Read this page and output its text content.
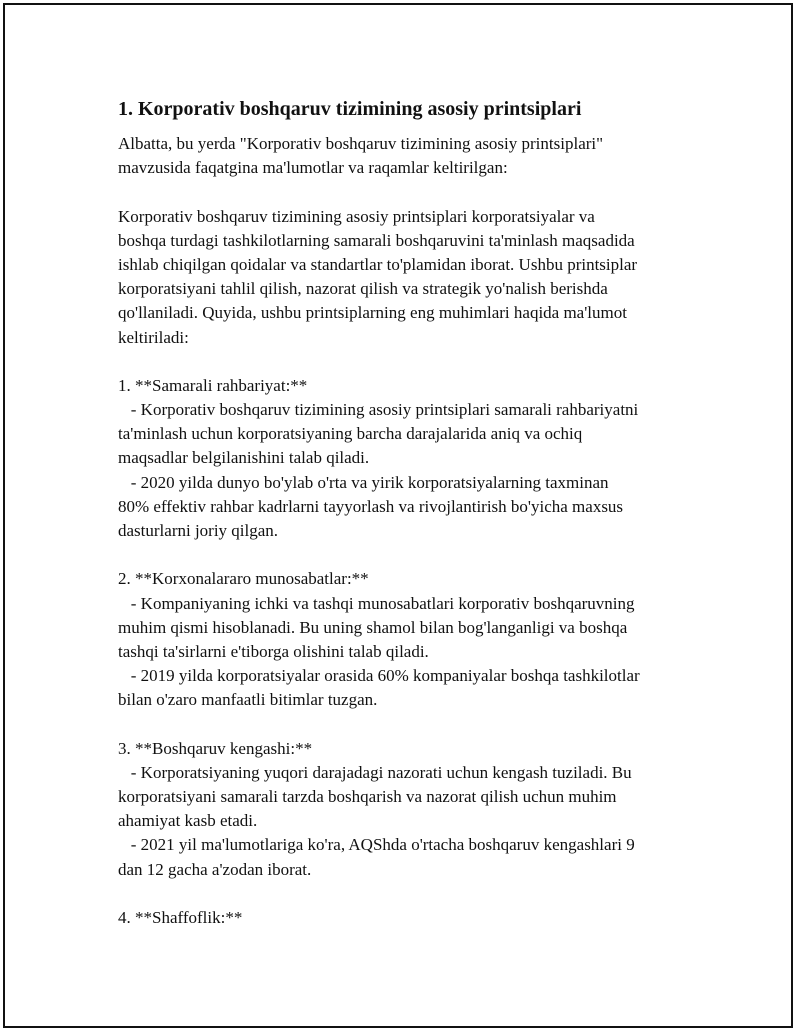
1. Korporativ boshqaruv tizimining asosiy printsiplari

Albatta, bu yerda "Korporativ boshqaruv tizimining asosiy printsiplari"

mavzusida faqatgina ma'lumotlar va raqamlar keltirilgan:

Korporativ boshqaruv tizimining asosiy printsiplari korporatsiyalar va

boshqa turdagi tashkilotlarning samarali boshqaruvini ta'minlash maqsadida

ishlab chiqilgan qoidalar va standartlar to'plamidan iborat. Ushbu printsiplar

korporatsiyani tahlil qilish, nazorat qilish va strategik yo'nalish berishda

qo'llaniladi. Quyida, ushbu printsiplarning eng muhimlari haqida ma'lumot

keltiriladi:

1. **Samarali rahbariyat:**

- Korporativ boshqaruv tizimining asosiy printsiplari samarali rahbariyatni

ta'minlash uchun korporatsiyaning barcha darajalarida aniq va ochiq

maqsadlar belgilanishini talab qiladi.

- 2020 yilda dunyo bo'ylab o'rta va yirik korporatsiyalarning taxminan

80% effektiv rahbar kadrlarni tayyorlash va rivojlantirish bo'yicha maxsus

dasturlarni joriy qilgan.

2. **Korxonalararo munosabatlar:**

- Kompaniyaning ichki va tashqi munosabatlari korporativ boshqaruvning

muhim qismi hisoblanadi. Bu uning shamol bilan bog'langanligi va boshqa

tashqi ta'sirlarni e'tiborga olishini talab qiladi.

- 2019 yilda korporatsiyalar orasida 60% kompaniyalar boshqa tashkilotlar

bilan o'zaro manfaatli bitimlar tuzgan.

3. **Boshqaruv kengashi:**

- Korporatsiyaning yuqori darajadagi nazorati uchun kengash tuziladi. Bu

korporatsiyani samarali tarzda boshqarish va nazorat qilish uchun muhim

ahamiyat kasb etadi.

- 2021 yil ma'lumotlariga ko'ra, AQShda o'rtacha boshqaruv kengashlari 9

dan 12 gacha a'zodan iborat.

4. **Shaffoflik:**
